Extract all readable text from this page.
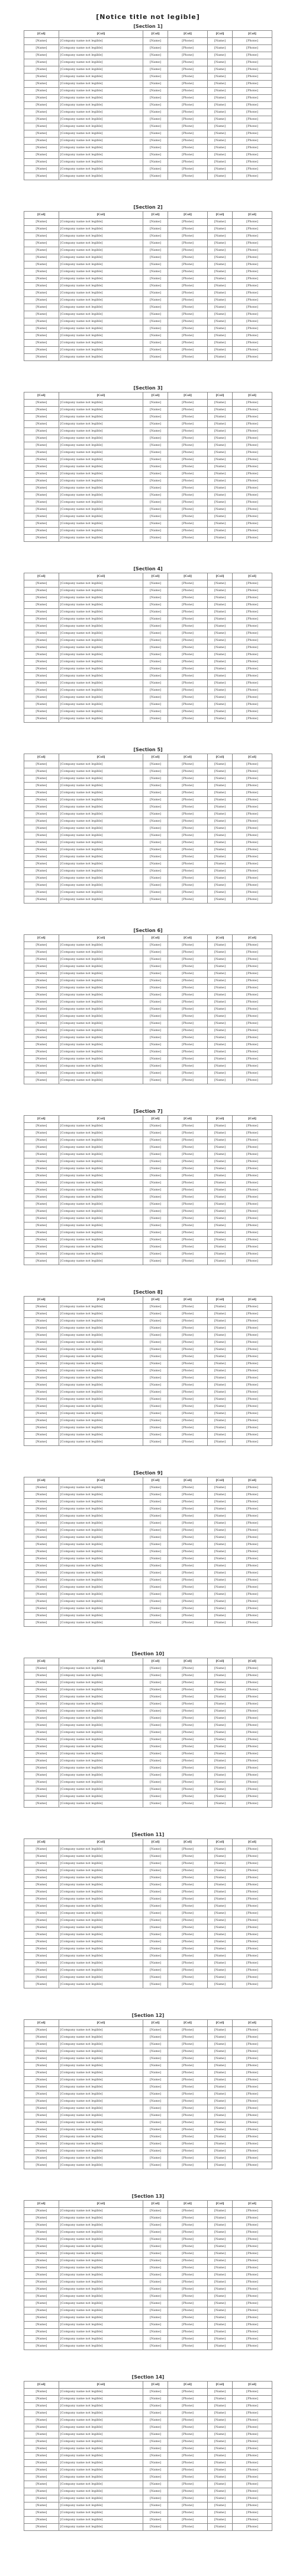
[Notice title not legible]
[Section 1]
[Col]	[Col]	[Col]	[Col]	[Col]	[Col]
[Name]	[Company name not legible]	[Name]	[Phone]	[Name]	[Phone]
[Name]	[Company name not legible]	[Name]	[Phone]	[Name]	[Phone]
[Name]	[Company name not legible]	[Name]	[Phone]	[Name]	[Phone]
[Name]	[Company name not legible]	[Name]	[Phone]	[Name]	[Phone]
[Name]	[Company name not legible]	[Name]	[Phone]	[Name]	[Phone]
[Name]	[Company name not legible]	[Name]	[Phone]	[Name]	[Phone]
[Name]	[Company name not legible]	[Name]	[Phone]	[Name]	[Phone]
[Name]	[Company name not legible]	[Name]	[Phone]	[Name]	[Phone]
[Name]	[Company name not legible]	[Name]	[Phone]	[Name]	[Phone]
[Name]	[Company name not legible]	[Name]	[Phone]	[Name]	[Phone]
[Name]	[Company name not legible]	[Name]	[Phone]	[Name]	[Phone]
[Name]	[Company name not legible]	[Name]	[Phone]	[Name]	[Phone]
[Name]	[Company name not legible]	[Name]	[Phone]	[Name]	[Phone]
[Name]	[Company name not legible]	[Name]	[Phone]	[Name]	[Phone]
[Name]	[Company name not legible]	[Name]	[Phone]	[Name]	[Phone]
[Name]	[Company name not legible]	[Name]	[Phone]	[Name]	[Phone]
[Name]	[Company name not legible]	[Name]	[Phone]	[Name]	[Phone]
[Name]	[Company name not legible]	[Name]	[Phone]	[Name]	[Phone]
[Name]	[Company name not legible]	[Name]	[Phone]	[Name]	[Phone]
[Name]	[Company name not legible]	[Name]	[Phone]	[Name]	[Phone]
[Section 2]
[Col]	[Col]	[Col]	[Col]	[Col]	[Col]
[Name]	[Company name not legible]	[Name]	[Phone]	[Name]	[Phone]
[Name]	[Company name not legible]	[Name]	[Phone]	[Name]	[Phone]
[Name]	[Company name not legible]	[Name]	[Phone]	[Name]	[Phone]
[Name]	[Company name not legible]	[Name]	[Phone]	[Name]	[Phone]
[Name]	[Company name not legible]	[Name]	[Phone]	[Name]	[Phone]
[Name]	[Company name not legible]	[Name]	[Phone]	[Name]	[Phone]
[Name]	[Company name not legible]	[Name]	[Phone]	[Name]	[Phone]
[Name]	[Company name not legible]	[Name]	[Phone]	[Name]	[Phone]
[Name]	[Company name not legible]	[Name]	[Phone]	[Name]	[Phone]
[Name]	[Company name not legible]	[Name]	[Phone]	[Name]	[Phone]
[Name]	[Company name not legible]	[Name]	[Phone]	[Name]	[Phone]
[Name]	[Company name not legible]	[Name]	[Phone]	[Name]	[Phone]
[Name]	[Company name not legible]	[Name]	[Phone]	[Name]	[Phone]
[Name]	[Company name not legible]	[Name]	[Phone]	[Name]	[Phone]
[Name]	[Company name not legible]	[Name]	[Phone]	[Name]	[Phone]
[Name]	[Company name not legible]	[Name]	[Phone]	[Name]	[Phone]
[Name]	[Company name not legible]	[Name]	[Phone]	[Name]	[Phone]
[Name]	[Company name not legible]	[Name]	[Phone]	[Name]	[Phone]
[Name]	[Company name not legible]	[Name]	[Phone]	[Name]	[Phone]
[Name]	[Company name not legible]	[Name]	[Phone]	[Name]	[Phone]
[Section 3]
[Col]	[Col]	[Col]	[Col]	[Col]	[Col]
[Name]	[Company name not legible]	[Name]	[Phone]	[Name]	[Phone]
[Name]	[Company name not legible]	[Name]	[Phone]	[Name]	[Phone]
[Name]	[Company name not legible]	[Name]	[Phone]	[Name]	[Phone]
[Name]	[Company name not legible]	[Name]	[Phone]	[Name]	[Phone]
[Name]	[Company name not legible]	[Name]	[Phone]	[Name]	[Phone]
[Name]	[Company name not legible]	[Name]	[Phone]	[Name]	[Phone]
[Name]	[Company name not legible]	[Name]	[Phone]	[Name]	[Phone]
[Name]	[Company name not legible]	[Name]	[Phone]	[Name]	[Phone]
[Name]	[Company name not legible]	[Name]	[Phone]	[Name]	[Phone]
[Name]	[Company name not legible]	[Name]	[Phone]	[Name]	[Phone]
[Name]	[Company name not legible]	[Name]	[Phone]	[Name]	[Phone]
[Name]	[Company name not legible]	[Name]	[Phone]	[Name]	[Phone]
[Name]	[Company name not legible]	[Name]	[Phone]	[Name]	[Phone]
[Name]	[Company name not legible]	[Name]	[Phone]	[Name]	[Phone]
[Name]	[Company name not legible]	[Name]	[Phone]	[Name]	[Phone]
[Name]	[Company name not legible]	[Name]	[Phone]	[Name]	[Phone]
[Name]	[Company name not legible]	[Name]	[Phone]	[Name]	[Phone]
[Name]	[Company name not legible]	[Name]	[Phone]	[Name]	[Phone]
[Name]	[Company name not legible]	[Name]	[Phone]	[Name]	[Phone]
[Name]	[Company name not legible]	[Name]	[Phone]	[Name]	[Phone]
[Section 4]
[Col]	[Col]	[Col]	[Col]	[Col]	[Col]
[Name]	[Company name not legible]	[Name]	[Phone]	[Name]	[Phone]
[Name]	[Company name not legible]	[Name]	[Phone]	[Name]	[Phone]
[Name]	[Company name not legible]	[Name]	[Phone]	[Name]	[Phone]
[Name]	[Company name not legible]	[Name]	[Phone]	[Name]	[Phone]
[Name]	[Company name not legible]	[Name]	[Phone]	[Name]	[Phone]
[Name]	[Company name not legible]	[Name]	[Phone]	[Name]	[Phone]
[Name]	[Company name not legible]	[Name]	[Phone]	[Name]	[Phone]
[Name]	[Company name not legible]	[Name]	[Phone]	[Name]	[Phone]
[Name]	[Company name not legible]	[Name]	[Phone]	[Name]	[Phone]
[Name]	[Company name not legible]	[Name]	[Phone]	[Name]	[Phone]
[Name]	[Company name not legible]	[Name]	[Phone]	[Name]	[Phone]
[Name]	[Company name not legible]	[Name]	[Phone]	[Name]	[Phone]
[Name]	[Company name not legible]	[Name]	[Phone]	[Name]	[Phone]
[Name]	[Company name not legible]	[Name]	[Phone]	[Name]	[Phone]
[Name]	[Company name not legible]	[Name]	[Phone]	[Name]	[Phone]
[Name]	[Company name not legible]	[Name]	[Phone]	[Name]	[Phone]
[Name]	[Company name not legible]	[Name]	[Phone]	[Name]	[Phone]
[Name]	[Company name not legible]	[Name]	[Phone]	[Name]	[Phone]
[Name]	[Company name not legible]	[Name]	[Phone]	[Name]	[Phone]
[Name]	[Company name not legible]	[Name]	[Phone]	[Name]	[Phone]
[Section 5]
[Col]	[Col]	[Col]	[Col]	[Col]	[Col]
[Name]	[Company name not legible]	[Name]	[Phone]	[Name]	[Phone]
[Name]	[Company name not legible]	[Name]	[Phone]	[Name]	[Phone]
[Name]	[Company name not legible]	[Name]	[Phone]	[Name]	[Phone]
[Name]	[Company name not legible]	[Name]	[Phone]	[Name]	[Phone]
[Name]	[Company name not legible]	[Name]	[Phone]	[Name]	[Phone]
[Name]	[Company name not legible]	[Name]	[Phone]	[Name]	[Phone]
[Name]	[Company name not legible]	[Name]	[Phone]	[Name]	[Phone]
[Name]	[Company name not legible]	[Name]	[Phone]	[Name]	[Phone]
[Name]	[Company name not legible]	[Name]	[Phone]	[Name]	[Phone]
[Name]	[Company name not legible]	[Name]	[Phone]	[Name]	[Phone]
[Name]	[Company name not legible]	[Name]	[Phone]	[Name]	[Phone]
[Name]	[Company name not legible]	[Name]	[Phone]	[Name]	[Phone]
[Name]	[Company name not legible]	[Name]	[Phone]	[Name]	[Phone]
[Name]	[Company name not legible]	[Name]	[Phone]	[Name]	[Phone]
[Name]	[Company name not legible]	[Name]	[Phone]	[Name]	[Phone]
[Name]	[Company name not legible]	[Name]	[Phone]	[Name]	[Phone]
[Name]	[Company name not legible]	[Name]	[Phone]	[Name]	[Phone]
[Name]	[Company name not legible]	[Name]	[Phone]	[Name]	[Phone]
[Name]	[Company name not legible]	[Name]	[Phone]	[Name]	[Phone]
[Name]	[Company name not legible]	[Name]	[Phone]	[Name]	[Phone]
[Section 6]
[Col]	[Col]	[Col]	[Col]	[Col]	[Col]
[Name]	[Company name not legible]	[Name]	[Phone]	[Name]	[Phone]
[Name]	[Company name not legible]	[Name]	[Phone]	[Name]	[Phone]
[Name]	[Company name not legible]	[Name]	[Phone]	[Name]	[Phone]
[Name]	[Company name not legible]	[Name]	[Phone]	[Name]	[Phone]
[Name]	[Company name not legible]	[Name]	[Phone]	[Name]	[Phone]
[Name]	[Company name not legible]	[Name]	[Phone]	[Name]	[Phone]
[Name]	[Company name not legible]	[Name]	[Phone]	[Name]	[Phone]
[Name]	[Company name not legible]	[Name]	[Phone]	[Name]	[Phone]
[Name]	[Company name not legible]	[Name]	[Phone]	[Name]	[Phone]
[Name]	[Company name not legible]	[Name]	[Phone]	[Name]	[Phone]
[Name]	[Company name not legible]	[Name]	[Phone]	[Name]	[Phone]
[Name]	[Company name not legible]	[Name]	[Phone]	[Name]	[Phone]
[Name]	[Company name not legible]	[Name]	[Phone]	[Name]	[Phone]
[Name]	[Company name not legible]	[Name]	[Phone]	[Name]	[Phone]
[Name]	[Company name not legible]	[Name]	[Phone]	[Name]	[Phone]
[Name]	[Company name not legible]	[Name]	[Phone]	[Name]	[Phone]
[Name]	[Company name not legible]	[Name]	[Phone]	[Name]	[Phone]
[Name]	[Company name not legible]	[Name]	[Phone]	[Name]	[Phone]
[Name]	[Company name not legible]	[Name]	[Phone]	[Name]	[Phone]
[Name]	[Company name not legible]	[Name]	[Phone]	[Name]	[Phone]
[Section 7]
[Col]	[Col]	[Col]	[Col]	[Col]	[Col]
[Name]	[Company name not legible]	[Name]	[Phone]	[Name]	[Phone]
[Name]	[Company name not legible]	[Name]	[Phone]	[Name]	[Phone]
[Name]	[Company name not legible]	[Name]	[Phone]	[Name]	[Phone]
[Name]	[Company name not legible]	[Name]	[Phone]	[Name]	[Phone]
[Name]	[Company name not legible]	[Name]	[Phone]	[Name]	[Phone]
[Name]	[Company name not legible]	[Name]	[Phone]	[Name]	[Phone]
[Name]	[Company name not legible]	[Name]	[Phone]	[Name]	[Phone]
[Name]	[Company name not legible]	[Name]	[Phone]	[Name]	[Phone]
[Name]	[Company name not legible]	[Name]	[Phone]	[Name]	[Phone]
[Name]	[Company name not legible]	[Name]	[Phone]	[Name]	[Phone]
[Name]	[Company name not legible]	[Name]	[Phone]	[Name]	[Phone]
[Name]	[Company name not legible]	[Name]	[Phone]	[Name]	[Phone]
[Name]	[Company name not legible]	[Name]	[Phone]	[Name]	[Phone]
[Name]	[Company name not legible]	[Name]	[Phone]	[Name]	[Phone]
[Name]	[Company name not legible]	[Name]	[Phone]	[Name]	[Phone]
[Name]	[Company name not legible]	[Name]	[Phone]	[Name]	[Phone]
[Name]	[Company name not legible]	[Name]	[Phone]	[Name]	[Phone]
[Name]	[Company name not legible]	[Name]	[Phone]	[Name]	[Phone]
[Name]	[Company name not legible]	[Name]	[Phone]	[Name]	[Phone]
[Name]	[Company name not legible]	[Name]	[Phone]	[Name]	[Phone]
[Section 8]
[Col]	[Col]	[Col]	[Col]	[Col]	[Col]
[Name]	[Company name not legible]	[Name]	[Phone]	[Name]	[Phone]
[Name]	[Company name not legible]	[Name]	[Phone]	[Name]	[Phone]
[Name]	[Company name not legible]	[Name]	[Phone]	[Name]	[Phone]
[Name]	[Company name not legible]	[Name]	[Phone]	[Name]	[Phone]
[Name]	[Company name not legible]	[Name]	[Phone]	[Name]	[Phone]
[Name]	[Company name not legible]	[Name]	[Phone]	[Name]	[Phone]
[Name]	[Company name not legible]	[Name]	[Phone]	[Name]	[Phone]
[Name]	[Company name not legible]	[Name]	[Phone]	[Name]	[Phone]
[Name]	[Company name not legible]	[Name]	[Phone]	[Name]	[Phone]
[Name]	[Company name not legible]	[Name]	[Phone]	[Name]	[Phone]
[Name]	[Company name not legible]	[Name]	[Phone]	[Name]	[Phone]
[Name]	[Company name not legible]	[Name]	[Phone]	[Name]	[Phone]
[Name]	[Company name not legible]	[Name]	[Phone]	[Name]	[Phone]
[Name]	[Company name not legible]	[Name]	[Phone]	[Name]	[Phone]
[Name]	[Company name not legible]	[Name]	[Phone]	[Name]	[Phone]
[Name]	[Company name not legible]	[Name]	[Phone]	[Name]	[Phone]
[Name]	[Company name not legible]	[Name]	[Phone]	[Name]	[Phone]
[Name]	[Company name not legible]	[Name]	[Phone]	[Name]	[Phone]
[Name]	[Company name not legible]	[Name]	[Phone]	[Name]	[Phone]
[Name]	[Company name not legible]	[Name]	[Phone]	[Name]	[Phone]
[Section 9]
[Col]	[Col]	[Col]	[Col]	[Col]	[Col]
[Name]	[Company name not legible]	[Name]	[Phone]	[Name]	[Phone]
[Name]	[Company name not legible]	[Name]	[Phone]	[Name]	[Phone]
[Name]	[Company name not legible]	[Name]	[Phone]	[Name]	[Phone]
[Name]	[Company name not legible]	[Name]	[Phone]	[Name]	[Phone]
[Name]	[Company name not legible]	[Name]	[Phone]	[Name]	[Phone]
[Name]	[Company name not legible]	[Name]	[Phone]	[Name]	[Phone]
[Name]	[Company name not legible]	[Name]	[Phone]	[Name]	[Phone]
[Name]	[Company name not legible]	[Name]	[Phone]	[Name]	[Phone]
[Name]	[Company name not legible]	[Name]	[Phone]	[Name]	[Phone]
[Name]	[Company name not legible]	[Name]	[Phone]	[Name]	[Phone]
[Name]	[Company name not legible]	[Name]	[Phone]	[Name]	[Phone]
[Name]	[Company name not legible]	[Name]	[Phone]	[Name]	[Phone]
[Name]	[Company name not legible]	[Name]	[Phone]	[Name]	[Phone]
[Name]	[Company name not legible]	[Name]	[Phone]	[Name]	[Phone]
[Name]	[Company name not legible]	[Name]	[Phone]	[Name]	[Phone]
[Name]	[Company name not legible]	[Name]	[Phone]	[Name]	[Phone]
[Name]	[Company name not legible]	[Name]	[Phone]	[Name]	[Phone]
[Name]	[Company name not legible]	[Name]	[Phone]	[Name]	[Phone]
[Name]	[Company name not legible]	[Name]	[Phone]	[Name]	[Phone]
[Name]	[Company name not legible]	[Name]	[Phone]	[Name]	[Phone]
[Section 10]
[Col]	[Col]	[Col]	[Col]	[Col]	[Col]
[Name]	[Company name not legible]	[Name]	[Phone]	[Name]	[Phone]
[Name]	[Company name not legible]	[Name]	[Phone]	[Name]	[Phone]
[Name]	[Company name not legible]	[Name]	[Phone]	[Name]	[Phone]
[Name]	[Company name not legible]	[Name]	[Phone]	[Name]	[Phone]
[Name]	[Company name not legible]	[Name]	[Phone]	[Name]	[Phone]
[Name]	[Company name not legible]	[Name]	[Phone]	[Name]	[Phone]
[Name]	[Company name not legible]	[Name]	[Phone]	[Name]	[Phone]
[Name]	[Company name not legible]	[Name]	[Phone]	[Name]	[Phone]
[Name]	[Company name not legible]	[Name]	[Phone]	[Name]	[Phone]
[Name]	[Company name not legible]	[Name]	[Phone]	[Name]	[Phone]
[Name]	[Company name not legible]	[Name]	[Phone]	[Name]	[Phone]
[Name]	[Company name not legible]	[Name]	[Phone]	[Name]	[Phone]
[Name]	[Company name not legible]	[Name]	[Phone]	[Name]	[Phone]
[Name]	[Company name not legible]	[Name]	[Phone]	[Name]	[Phone]
[Name]	[Company name not legible]	[Name]	[Phone]	[Name]	[Phone]
[Name]	[Company name not legible]	[Name]	[Phone]	[Name]	[Phone]
[Name]	[Company name not legible]	[Name]	[Phone]	[Name]	[Phone]
[Name]	[Company name not legible]	[Name]	[Phone]	[Name]	[Phone]
[Name]	[Company name not legible]	[Name]	[Phone]	[Name]	[Phone]
[Name]	[Company name not legible]	[Name]	[Phone]	[Name]	[Phone]
[Section 11]
[Col]	[Col]	[Col]	[Col]	[Col]	[Col]
[Name]	[Company name not legible]	[Name]	[Phone]	[Name]	[Phone]
[Name]	[Company name not legible]	[Name]	[Phone]	[Name]	[Phone]
[Name]	[Company name not legible]	[Name]	[Phone]	[Name]	[Phone]
[Name]	[Company name not legible]	[Name]	[Phone]	[Name]	[Phone]
[Name]	[Company name not legible]	[Name]	[Phone]	[Name]	[Phone]
[Name]	[Company name not legible]	[Name]	[Phone]	[Name]	[Phone]
[Name]	[Company name not legible]	[Name]	[Phone]	[Name]	[Phone]
[Name]	[Company name not legible]	[Name]	[Phone]	[Name]	[Phone]
[Name]	[Company name not legible]	[Name]	[Phone]	[Name]	[Phone]
[Name]	[Company name not legible]	[Name]	[Phone]	[Name]	[Phone]
[Name]	[Company name not legible]	[Name]	[Phone]	[Name]	[Phone]
[Name]	[Company name not legible]	[Name]	[Phone]	[Name]	[Phone]
[Name]	[Company name not legible]	[Name]	[Phone]	[Name]	[Phone]
[Name]	[Company name not legible]	[Name]	[Phone]	[Name]	[Phone]
[Name]	[Company name not legible]	[Name]	[Phone]	[Name]	[Phone]
[Name]	[Company name not legible]	[Name]	[Phone]	[Name]	[Phone]
[Name]	[Company name not legible]	[Name]	[Phone]	[Name]	[Phone]
[Name]	[Company name not legible]	[Name]	[Phone]	[Name]	[Phone]
[Name]	[Company name not legible]	[Name]	[Phone]	[Name]	[Phone]
[Name]	[Company name not legible]	[Name]	[Phone]	[Name]	[Phone]
[Section 12]
[Col]	[Col]	[Col]	[Col]	[Col]	[Col]
[Name]	[Company name not legible]	[Name]	[Phone]	[Name]	[Phone]
[Name]	[Company name not legible]	[Name]	[Phone]	[Name]	[Phone]
[Name]	[Company name not legible]	[Name]	[Phone]	[Name]	[Phone]
[Name]	[Company name not legible]	[Name]	[Phone]	[Name]	[Phone]
[Name]	[Company name not legible]	[Name]	[Phone]	[Name]	[Phone]
[Name]	[Company name not legible]	[Name]	[Phone]	[Name]	[Phone]
[Name]	[Company name not legible]	[Name]	[Phone]	[Name]	[Phone]
[Name]	[Company name not legible]	[Name]	[Phone]	[Name]	[Phone]
[Name]	[Company name not legible]	[Name]	[Phone]	[Name]	[Phone]
[Name]	[Company name not legible]	[Name]	[Phone]	[Name]	[Phone]
[Name]	[Company name not legible]	[Name]	[Phone]	[Name]	[Phone]
[Name]	[Company name not legible]	[Name]	[Phone]	[Name]	[Phone]
[Name]	[Company name not legible]	[Name]	[Phone]	[Name]	[Phone]
[Name]	[Company name not legible]	[Name]	[Phone]	[Name]	[Phone]
[Name]	[Company name not legible]	[Name]	[Phone]	[Name]	[Phone]
[Name]	[Company name not legible]	[Name]	[Phone]	[Name]	[Phone]
[Name]	[Company name not legible]	[Name]	[Phone]	[Name]	[Phone]
[Name]	[Company name not legible]	[Name]	[Phone]	[Name]	[Phone]
[Name]	[Company name not legible]	[Name]	[Phone]	[Name]	[Phone]
[Name]	[Company name not legible]	[Name]	[Phone]	[Name]	[Phone]
[Section 13]
[Col]	[Col]	[Col]	[Col]	[Col]	[Col]
[Name]	[Company name not legible]	[Name]	[Phone]	[Name]	[Phone]
[Name]	[Company name not legible]	[Name]	[Phone]	[Name]	[Phone]
[Name]	[Company name not legible]	[Name]	[Phone]	[Name]	[Phone]
[Name]	[Company name not legible]	[Name]	[Phone]	[Name]	[Phone]
[Name]	[Company name not legible]	[Name]	[Phone]	[Name]	[Phone]
[Name]	[Company name not legible]	[Name]	[Phone]	[Name]	[Phone]
[Name]	[Company name not legible]	[Name]	[Phone]	[Name]	[Phone]
[Name]	[Company name not legible]	[Name]	[Phone]	[Name]	[Phone]
[Name]	[Company name not legible]	[Name]	[Phone]	[Name]	[Phone]
[Name]	[Company name not legible]	[Name]	[Phone]	[Name]	[Phone]
[Name]	[Company name not legible]	[Name]	[Phone]	[Name]	[Phone]
[Name]	[Company name not legible]	[Name]	[Phone]	[Name]	[Phone]
[Name]	[Company name not legible]	[Name]	[Phone]	[Name]	[Phone]
[Name]	[Company name not legible]	[Name]	[Phone]	[Name]	[Phone]
[Name]	[Company name not legible]	[Name]	[Phone]	[Name]	[Phone]
[Name]	[Company name not legible]	[Name]	[Phone]	[Name]	[Phone]
[Name]	[Company name not legible]	[Name]	[Phone]	[Name]	[Phone]
[Name]	[Company name not legible]	[Name]	[Phone]	[Name]	[Phone]
[Name]	[Company name not legible]	[Name]	[Phone]	[Name]	[Phone]
[Name]	[Company name not legible]	[Name]	[Phone]	[Name]	[Phone]
[Section 14]
[Col]	[Col]	[Col]	[Col]	[Col]	[Col]
[Name]	[Company name not legible]	[Name]	[Phone]	[Name]	[Phone]
[Name]	[Company name not legible]	[Name]	[Phone]	[Name]	[Phone]
[Name]	[Company name not legible]	[Name]	[Phone]	[Name]	[Phone]
[Name]	[Company name not legible]	[Name]	[Phone]	[Name]	[Phone]
[Name]	[Company name not legible]	[Name]	[Phone]	[Name]	[Phone]
[Name]	[Company name not legible]	[Name]	[Phone]	[Name]	[Phone]
[Name]	[Company name not legible]	[Name]	[Phone]	[Name]	[Phone]
[Name]	[Company name not legible]	[Name]	[Phone]	[Name]	[Phone]
[Name]	[Company name not legible]	[Name]	[Phone]	[Name]	[Phone]
[Name]	[Company name not legible]	[Name]	[Phone]	[Name]	[Phone]
[Name]	[Company name not legible]	[Name]	[Phone]	[Name]	[Phone]
[Name]	[Company name not legible]	[Name]	[Phone]	[Name]	[Phone]
[Name]	[Company name not legible]	[Name]	[Phone]	[Name]	[Phone]
[Name]	[Company name not legible]	[Name]	[Phone]	[Name]	[Phone]
[Name]	[Company name not legible]	[Name]	[Phone]	[Name]	[Phone]
[Name]	[Company name not legible]	[Name]	[Phone]	[Name]	[Phone]
[Name]	[Company name not legible]	[Name]	[Phone]	[Name]	[Phone]
[Name]	[Company name not legible]	[Name]	[Phone]	[Name]	[Phone]
[Name]	[Company name not legible]	[Name]	[Phone]	[Name]	[Phone]
[Name]	[Company name not legible]	[Name]	[Phone]	[Name]	[Phone]
